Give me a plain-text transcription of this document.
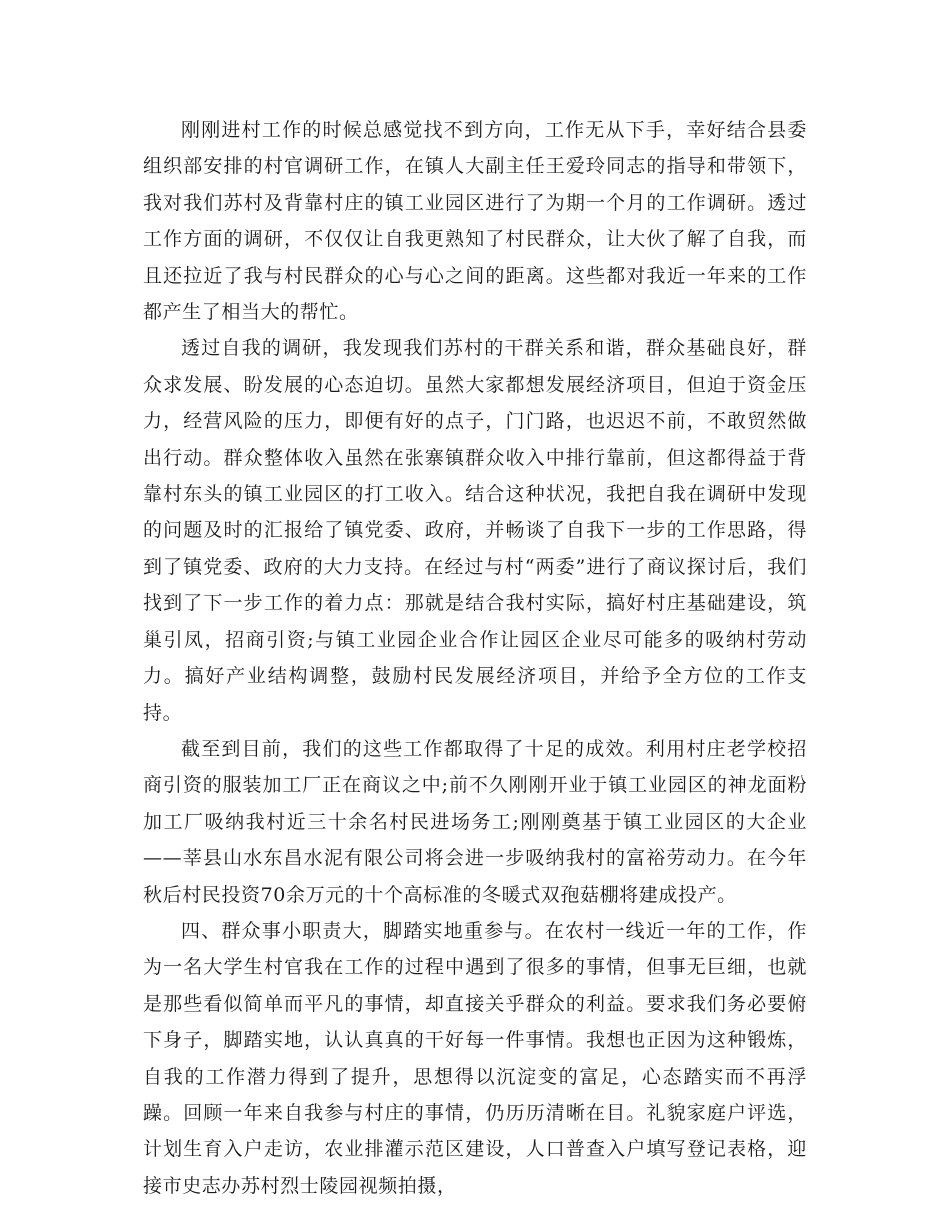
刚刚进村工作的时候总感觉找不到方向，工作无从下手，幸好结合县委组织部安排的村官调研工作，在镇人大副主任王爱玲同志的指导和带领下，我对我们苏村及背靠村庄的镇工业园区进行了为期一个月的工作调研。透过工作方面的调研，不仅仅让自我更熟知了村民群众，让大伙了解了自我，而且还拉近了我与村民群众的心与心之间的距离。这些都对我近一年来的工作都产生了相当大的帮忙。

透过自我的调研，我发现我们苏村的干群关系和谐，群众基础良好，群众求发展、盼发展的心态迫切。虽然大家都想发展经济项目，但迫于资金压力，经营风险的压力，即便有好的点子，门门路，也迟迟不前，不敢贸然做出行动。群众整体收入虽然在张寨镇群众收入中排行靠前，但这都得益于背靠村东头的镇工业园区的打工收入。结合这种状况，我把自我在调研中发现的问题及时的汇报给了镇党委、政府，并畅谈了自我下一步的工作思路，得到了镇党委、政府的大力支持。在经过与村“两委”进行了商议探讨后，我们找到了下一步工作的着力点：那就是结合我村实际，搞好村庄基础建设，筑巢引凤，招商引资;与镇工业园企业合作让园区企业尽可能多的吸纳村劳动力。搞好产业结构调整，鼓励村民发展经济项目，并给予全方位的工作支持。

截至到目前，我们的这些工作都取得了十足的成效。利用村庄老学校招商引资的服装加工厂正在商议之中;前不久刚刚开业于镇工业园区的神龙面粉加工厂吸纳我村近三十余名村民进场务工;刚刚奠基于镇工业园区的大企业——莘县山水东昌水泥有限公司将会进一步吸纳我村的富裕劳动力。在今年秋后村民投资70余万元的十个高标准的冬暖式双孢菇棚将建成投产。

四、群众事小职责大，脚踏实地重参与。在农村一线近一年的工作，作为一名大学生村官我在工作的过程中遇到了很多的事情，但事无巨细，也就是那些看似简单而平凡的事情，却直接关乎群众的利益。要求我们务必要俯下身子，脚踏实地，认认真真的干好每一件事情。我想也正因为这种锻炼，自我的工作潜力得到了提升，思想得以沉淀变的富足，心态踏实而不再浮躁。回顾一年来自我参与村庄的事情，仍历历清晰在目。礼貌家庭户评选，计划生育入户走访，农业排灌示范区建设，人口普查入户填写登记表格，迎接市史志办苏村烈士陵园视频拍摄，
